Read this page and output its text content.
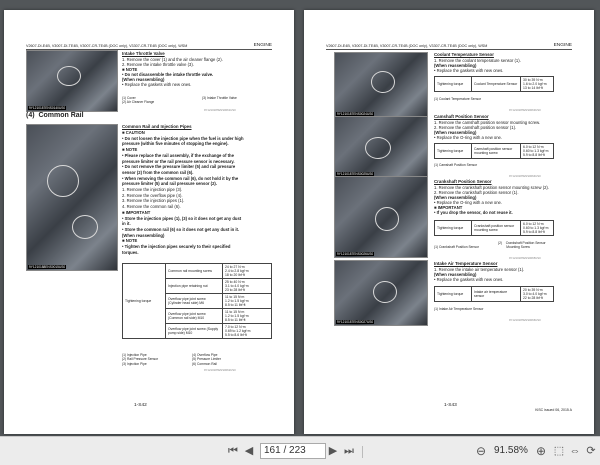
V2607-DI-E4B, V3007-DI-TE4B, V3007-CR-TE4B (DOC only), V3307-CR-TE4B (DOC only), WSM	ENGINE
9Y1210187ENS0140US0
Intake Throttle Valve
1. Remove the cover (1) and the air cleaner flange (2).
2. Remove the intake throttle valve (3).
■ NOTE
• Do not disassemble the intake throttle valve.
(When reassembling)
• Replace the gaskets with new ones.
(1) Cover	(3) Intake Throttle Valve
(2) Air Cleaner Flange
9Y1210187ENS0061US0
(4) Common Rail
9Y1210188ENS0015US0
Common Rail and Injection Pipes
■ CAUTION
• Do not loosen the injection pipe when the fuel is under high
pressure (within five minutes of stopping the engine).
■ NOTE
• Please replace the rail assembly, if the exchange of the
pressure limiter or the rail pressure sensor is necessary.
• Do not remove the pressure limiter (5) and rail pressure
sensor (2) from the common rail (6).
• When removing the common rail (6), do not hold it by the
pressure limiter (5) and rail pressure sensor (2).
1. Remove the injection pipe (3).
2. Remove the overflow pipe (4).
3. Remove the injection pipes (1).
4. Remove the common rail (6).
■ IMPORTANT
• Store the injection pipes (1), (3) so it does not get any dust
in it.
• Store the common rail (6) so it does not get any dust in it.
(When reassembling)
■ NOTE
• Tighten the injection pipes securely to their specified
torques.
Tightening torque	Common rail mounting screw	24 to 27 N·m
2.4 to 2.8 kgf·m
18 to 20 lbf·ft
	Injection pipe retaining nut	25 to 40 N·m
3.1 to 4.0 kgf·m
23 to 28 lbf·ft
	Overflow pipe joint screw (Cylinder head side) M6	11 to 15 N·m
1.2 to 1.5 kgf·m
8.5 to 11 lbf·ft
	Overflow pipe joint screw (Common rail side) M10	11 to 15 N·m
1.2 to 1.5 kgf·m
8.5 to 11 lbf·ft
	Overflow pipe joint screw (Supply pump side) M10	7.0 to 12 N·m
0.69 to 1.2 kgf·m
5.5 to 8.6 lbf·ft
(1) Injection Pipe	(4) Overflow Pipe
(2) Rail Pressure Sensor	(5) Pressure Limiter
(3) Injection Pipe	(6) Common Rail
9Y1210187ENS0062US0
1-S42
V2607-DI-E4B, V3007-DI-TE4B, V3007-CR-TE4B (DOC only), V3307-CR-TE4B (DOC only), WSM	ENGINE
9Y1210187ENS0024US0
Coolant Temperature Sensor
1. Remove the coolant temperature sensor (1).
(When reassembling)
• Replace the gaskets with new ones.
Tightening torque	Coolant Temperature Sensor	30 to 39 N·m
1.6 to 2.0 kgf·m
13 to 14 lbf·ft
(1) Coolant Temperature Sensor
9Y1210187ENS0063US0
9Y1210187ENS0025US0
Camshaft Position Sensor
1. Remove the camshaft position sensor mounting screw.
2. Remove the camshaft position sensor (1).
(When reassembling)
• Replace the O-ring with a new one.
Tightening torque	Camshaft position sensor mounting screw	6.0 to 12 N·m
0.60 to 1.3 kgf·m
5.9 to 8.8 lbf·ft
(1) Camshaft Position Sensor
9Y1210187ENS0064US0
9Y1210187ENS0026US0
Crankshaft Position Sensor
1. Remove the crankshaft position sensor mounting screw (2).
2. Remove the crankshaft position sensor (1).
(When reassembling)
• Replace the O-ring with a new one.
■ IMPORTANT
• If you drop the sensor, do not reuse it.
Tightening torque	Crankshaft position sensor mounting screw	6.0 to 12 N·m
0.60 to 1.3 kgf·m
5.9 to 8.8 lbf·ft
(1) Crankshaft Position Sensor(2)    Crankshaft Position Sensor
Mounting Screw
9Y1210187ENS0065US0
9Y1210187ENS0027US0
Intake Air Temperature Sensor
1. Remove the intake air temperature sensor (1).
(When reassembling)
• Replace the gaskets with new ones.
Tightening torque	Intake air temperature sensor	20 to 39 N·m
3.0 to 4.0 kgf·m
22 to 28 lbf·ft
(1) Intake Air Temperature Sensor
9Y1210187ENS0066US0
1-S43
KiSC issued 06, 2015 A
⏮ ◀	161 / 223	▶ ⏭	⊖ 91.58% ⊕ ⬚ ⇔ ⟳
